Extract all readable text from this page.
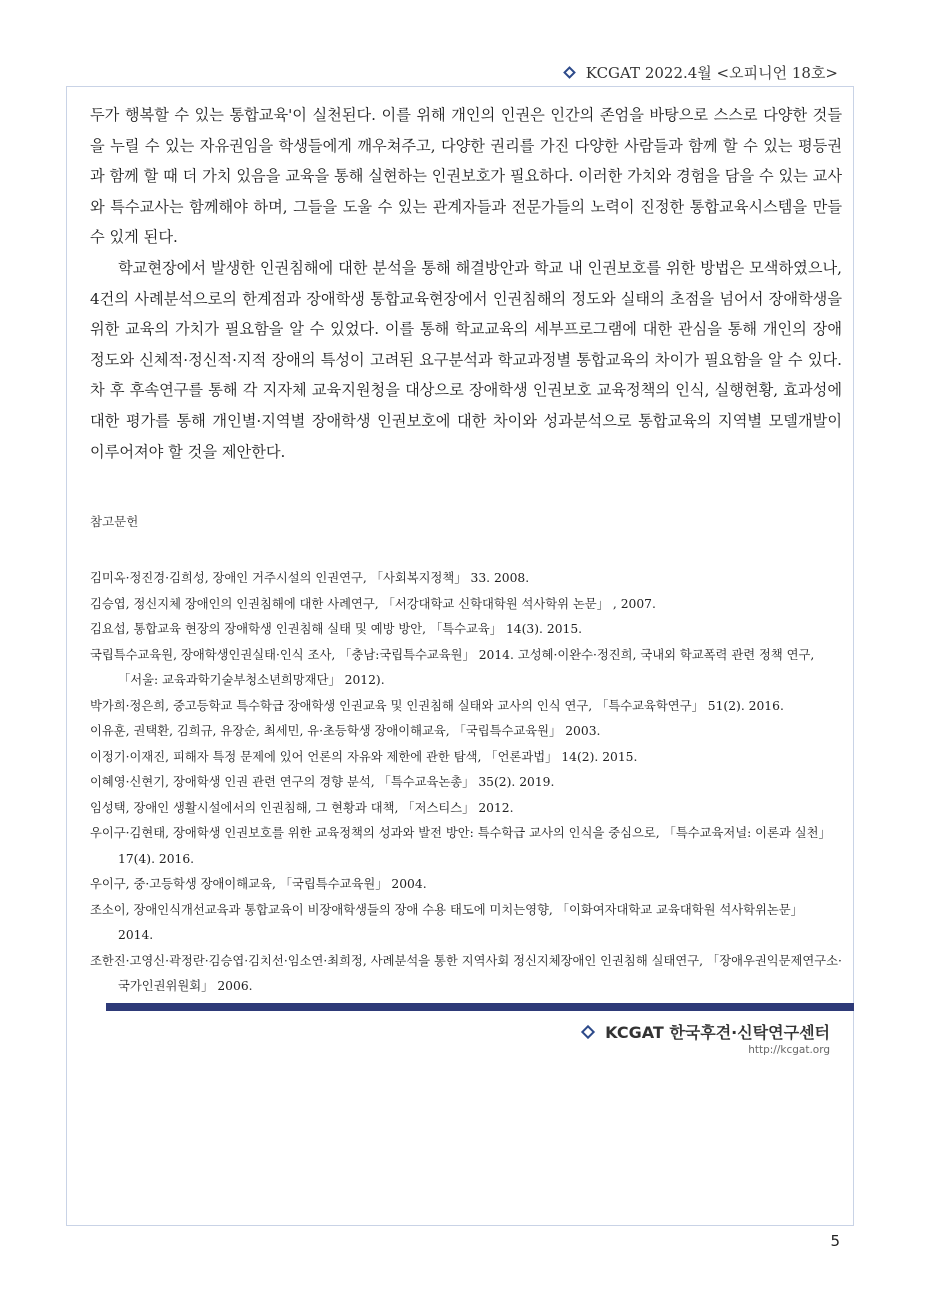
KCGAT 2022.4월 <오피니언 18호>

두가 행복할 수 있는 통합교육'이 실천된다. 이를 위해 개인의 인권은 인간의 존엄을 바탕으로 스스로 다양한 것들을 누릴 수 있는 자유권임을 학생들에게 깨우쳐주고, 다양한 권리를 가진 다양한 사람들과 함께 할 수 있는 평등권과 함께 할 때 더 가치 있음을 교육을 통해 실현하는 인권보호가 필요하다. 이러한 가치와 경험을 담을 수 있는 교사와 특수교사는 함께해야 하며, 그들을 도울 수 있는 관계자들과 전문가들의 노력이 진정한 통합교육시스템을 만들 수 있게 된다.

학교현장에서 발생한 인권침해에 대한 분석을 통해 해결방안과 학교 내 인권보호를 위한 방법은 모색하였으나, 4건의 사례분석으로의 한계점과 장애학생 통합교육현장에서 인권침해의 정도와 실태의 초점을 넘어서 장애학생을 위한 교육의 가치가 필요함을 알 수 있었다. 이를 통해 학교교육의 세부프로그램에 대한 관심을 통해 개인의 장애정도와 신체적·정신적·지적 장애의 특성이 고려된 요구분석과 학교과정별 통합교육의 차이가 필요함을 알 수 있다. 차 후 후속연구를 통해 각 지자체 교육지원청을 대상으로 장애학생 인권보호 교육정책의 인식, 실행현황, 효과성에 대한 평가를 통해 개인별·지역별 장애학생 인권보호에 대한 차이와 성과분석으로 통합교육의 지역별 모델개발이 이루어져야 할 것을 제안한다.

참고문헌
김미옥·정진경·김희성, 장애인 거주시설의 인권연구, 「사회복지정책」 33. 2008.
김승엽, 정신지체 장애인의 인권침해에 대한 사례연구, 「서강대학교 신학대학원 석사학위 논문」 , 2007.
김요섭, 통합교육 현장의 장애학생 인권침해 실태 및 예방 방안, 「특수교육」 14(3). 2015.
국립특수교육원, 장애학생인권실태·인식 조사, 「충남:국립특수교육원」 2014. 고성혜·이완수·정진희, 국내외 학교폭력 관련 정책 연구, 「서울: 교육과학기술부청소년희망재단」 2012).
박가희·정은희, 중고등학교 특수학급 장애학생 인권교육 및 인권침해 실태와 교사의 인식 연구, 「특수교육학연구」 51(2). 2016.
이유훈, 권택환, 김희규, 유장순, 최세민, 유·초등학생 장애이해교육, 「국립특수교육원」 2003.
이정기·이재진, 피해자 특정 문제에 있어 언론의 자유와 제한에 관한 탐색, 「언론과법」 14(2). 2015.
이혜영·신현기, 장애학생 인권 관련 연구의 경향 분석, 「특수교육논총」 35(2). 2019.
임성택, 장애인 생활시설에서의 인권침해, 그 현황과 대책, 「저스티스」 2012.
우이구·김현태, 장애학생 인권보호를 위한 교육정책의 성과와 발전 방안: 특수학급 교사의 인식을 중심으로, 「특수교육저널: 이론과 실천」 17(4). 2016.
우이구, 중·고등학생 장애이해교육, 「국립특수교육원」 2004.
조소이, 장애인식개선교육과 통합교육이 비장애학생들의 장애 수용 태도에 미치는영향, 「이화여자대학교 교육대학원 석사학위논문」 2014.
조한진·고영신·곽정란·김승엽·김치선·임소연·최희정, 사례분석을 통한 지역사회 정신지체장애인 인권침해 실태연구, 「장애우권익문제연구소·국가인권위원회」 2006.
KCGAT 한국후견·신탁연구센터
http://kcgat.org
5
